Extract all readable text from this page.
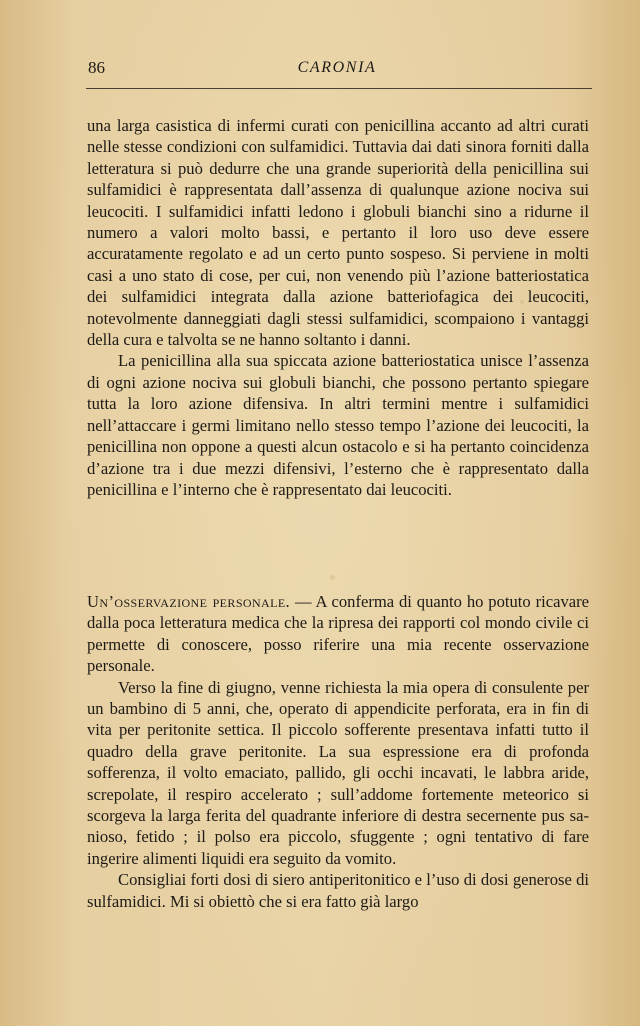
86	CARONIA

una larga casistica di infermi curati con penicillina accanto ad altri curati nelle stesse condizioni con sulfamidici. Tuttavia dai dati sinora forniti dalla letteratura si può dedurre che una grande superiorità della penicillina sui sulfamidici è rappresentata dall’assenza di qualunque azione nociva sui leucociti. I sulfamidici infatti ledono i globuli bianchi sino a ridurne il numero a valori molto bassi, e pertanto il loro uso deve essere accuratamente regolato e ad un certo punto sospeso. Si perviene in molti casi a uno stato di cose, per cui, non venendo più l’azione batteriostatica dei sulfamidici integrata dalla azione batteriofagica dei leucociti, notevolmente danneggiati dagli stessi sulfamidici, scompaiono i vantaggi della cura e talvolta se ne hanno soltanto i danni.

La penicillina alla sua spiccata azione batteriostatica unisce l’assenza di ogni azione nociva sui globuli bianchi, che possono pertanto spiegare tutta la loro azione difensiva. In altri termini mentre i sulfamidici nell’attaccare i germi limitano nello stesso tempo l’azione dei leucociti, la penicillina non oppone a questi alcun ostacolo e si ha pertanto coincidenza d’azione tra i due mezzi difensivi, l’esterno che è rappresentato dalla penicillina e l’interno che è rappresentato dai leucociti.

Un’osservazione personale. — A conferma di quanto ho potuto ricavare dalla poca letteratura medica che la ripresa dei rapporti col mondo civile ci permette di conoscere, posso riferire una mia recente osservazione personale.

Verso la fine di giugno, venne richiesta la mia opera di consulente per un bambino di 5 anni, che, operato di appendicite perforata, era in fin di vita per peritonite settica. Il piccolo sofferente presentava infatti tutto il quadro della grave peritonite. La sua espressione era di profonda sofferenza, il volto emaciato, pallido, gli occhi incavati, le labbra aride, screpolate, il respiro accelerato ; sull’addome fortemente meteorico si scorgeva la larga ferita del quadrante inferiore di destra secernente pus sanioso, fetido ; il polso era piccolo, sfuggente ; ogni tentativo di fare ingerire alimenti liquidi era seguito da vomito.

Consigliai forti dosi di siero antiperitonitico e l’uso di dosi generose di sulfamidici. Mi si obiettò che si era fatto già largo
